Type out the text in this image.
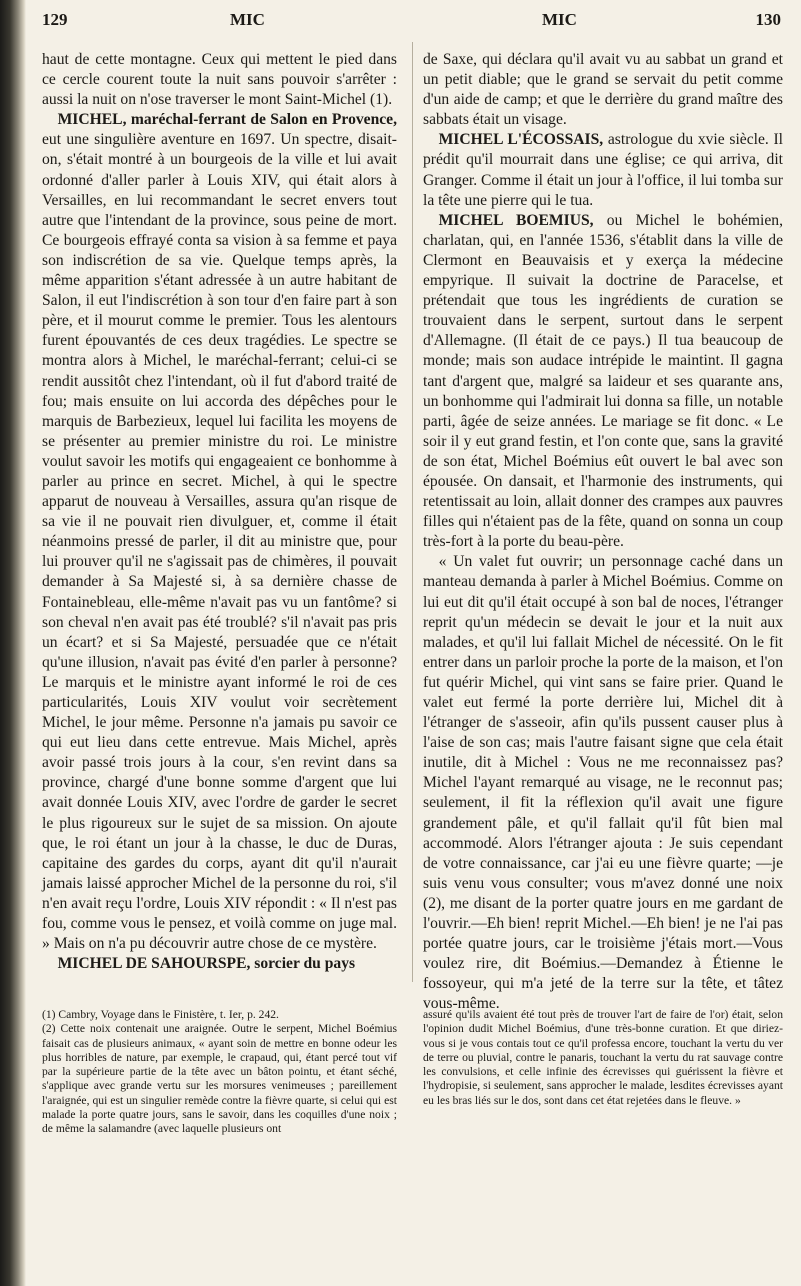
129	MIC	MIC	130

haut de cette montagne. Ceux qui mettent le pied dans ce cercle courent toute la nuit sans pouvoir s'arrêter : aussi la nuit on n'ose traverser le mont Saint-Michel (1).

 MICHEL, maréchal-ferrant de Salon en Provence, eut une singulière aventure en 1697. Un spectre, disait-on, s'était montré à un bourgeois de la ville et lui avait ordonné d'aller parler à Louis XIV, qui était alors à Versailles, en lui recommandant le secret envers tout autre que l'intendant de la province, sous peine de mort. Ce bourgeois effrayé conta sa vision à sa femme et paya son indiscrétion de sa vie. Quelque temps après, la même apparition s'étant adressée à un autre habitant de Salon, il eut l'indiscrétion à son tour d'en faire part à son père, et il mourut comme le premier. Tous les alentours furent épouvantés de ces deux tragédies. Le spectre se montra alors à Michel, le maréchal-ferrant; celui-ci se rendit aussitôt chez l'intendant, où il fut d'abord traité de fou; mais ensuite on lui accorda des dépêches pour le marquis de Barbezieux, lequel lui facilita les moyens de se présenter au premier ministre du roi. Le ministre voulut savoir les motifs qui engageaient ce bonhomme à parler au prince en secret. Michel, à qui le spectre apparut de nouveau à Versailles, assura qu'an risque de sa vie il ne pouvait rien divulguer, et, comme il était néanmoins pressé de parler, il dit au ministre que, pour lui prouver qu'il ne s'agissait pas de chimères, il pouvait demander à Sa Majesté si, à sa dernière chasse de Fontainebleau, elle-même n'avait pas vu un fantôme? si son cheval n'en avait pas été troublé? s'il n'avait pas pris un écart? et si Sa Majesté, persuadée que ce n'était qu'une illusion, n'avait pas évité d'en parler à personne? Le marquis et le ministre ayant informé le roi de ces particularités, Louis XIV voulut voir secrètement Michel, le jour même. Personne n'a jamais pu savoir ce qui eut lieu dans cette entrevue. Mais Michel, après avoir passé trois jours à la cour, s'en revint dans sa province, chargé d'une bonne somme d'argent que lui avait donnée Louis XIV, avec l'ordre de garder le secret le plus rigoureux sur le sujet de sa mission. On ajoute que, le roi étant un jour à la chasse, le duc de Duras, capitaine des gardes du corps, ayant dit qu'il n'aurait jamais laissé approcher Michel de la personne du roi, s'il n'en avait reçu l'ordre, Louis XIV répondit : « Il n'est pas fou, comme vous le pensez, et voilà comme on juge mal. » Mais on n'a pu découvrir autre chose de ce mystère.

 MICHEL DE SAHOURSPE, sorcier du pays

de Saxe, qui déclara qu'il avait vu au sabbat un grand et un petit diable; que le grand se servait du petit comme d'un aide de camp; et que le derrière du grand maître des sabbats était un visage.

 MICHEL L'ÉCOSSAIS, astrologue du xvie siècle. Il prédit qu'il mourrait dans une église; ce qui arriva, dit Granger. Comme il était un jour à l'office, il lui tomba sur la tête une pierre qui le tua.

 MICHEL BOEMIUS, ou Michel le bohémien, charlatan, qui, en l'année 1536, s'établit dans la ville de Clermont en Beauvaisis et y exerça la médecine empyrique. Il suivait la doctrine de Paracelse, et prétendait que tous les ingrédients de curation se trouvaient dans le serpent, surtout dans le serpent d'Allemagne. (Il était de ce pays.) Il tua beaucoup de monde; mais son audace intrépide le maintint. Il gagna tant d'argent que, malgré sa laideur et ses quarante ans, un bonhomme qui l'admirait lui donna sa fille, un notable parti, âgée de seize années. Le mariage se fit donc. « Le soir il y eut grand festin, et l'on conte que, sans la gravité de son état, Michel Boémius eût ouvert le bal avec son épousée. On dansait, et l'harmonie des instruments, qui retentissait au loin, allait donner des crampes aux pauvres filles qui n'étaient pas de la fête, quand on sonna un coup très-fort à la porte du beau-père.

 « Un valet fut ouvrir; un personnage caché dans un manteau demanda à parler à Michel Boémius. Comme on lui eut dit qu'il était occupé à son bal de noces, l'étranger reprit qu'un médecin se devait le jour et la nuit aux malades, et qu'il lui fallait Michel de nécessité. On le fit entrer dans un parloir proche la porte de la maison, et l'on fut quérir Michel, qui vint sans se faire prier. Quand le valet eut fermé la porte derrière lui, Michel dit à l'étranger de s'asseoir, afin qu'ils pussent causer plus à l'aise de son cas; mais l'autre faisant signe que cela était inutile, dit à Michel : Vous ne me reconnaissez pas? Michel l'ayant remarqué au visage, ne le reconnut pas; seulement, il fit la réflexion qu'il avait une figure grandement pâle, et qu'il fallait qu'il fût bien mal accommodé. Alors l'étranger ajouta : Je suis cependant de votre connaissance, car j'ai eu une fièvre quarte; —je suis venu vous consulter; vous m'avez donné une noix (2), me disant de la porter quatre jours en me gardant de l'ouvrir.—Eh bien! reprit Michel.—Eh bien! je ne l'ai pas portée quatre jours, car le troisième j'étais mort.—Vous voulez rire, dit Boémius.—Demandez à Étienne le fossoyeur, qui m'a jeté de la terre sur la tête, et tâtez vous-même.

(1) Cambry, Voyage dans le Finistère, t. Ier, p. 242.

(2) Cette noix contenait une araignée. Outre le serpent, Michel Boémius faisait cas de plusieurs animaux, « ayant soin de mettre en bonne odeur les plus horribles de nature, par exemple, le crapaud, qui, étant percé tout vif par la supérieure partie de la tête avec un bâton pointu, et étant séché, s'applique avec grande vertu sur les morsures venimeuses ; pareillement l'araignée, qui est un singulier remède contre la fièvre quarte, si celui qui est malade la porte quatre jours, sans le savoir, dans les coquilles d'une noix ; de même la salamandre (avec laquelle plusieurs ont

assuré qu'ils avaient été tout près de trouver l'art de faire de l'or) était, selon l'opinion dudit Michel Boémius, d'une très-bonne curation. Et que diriez-vous si je vous contais tout ce qu'il professa encore, touchant la vertu du ver de terre ou pluvial, contre le panaris, touchant la vertu du rat sauvage contre les convulsions, et celle infinie des écrevisses qui guérissent la fièvre et l'hydropisie, si seulement, sans approcher le malade, lesdites écrevisses ayant eu les bras liés sur le dos, sont dans cet état rejetées dans le fleuve. »
